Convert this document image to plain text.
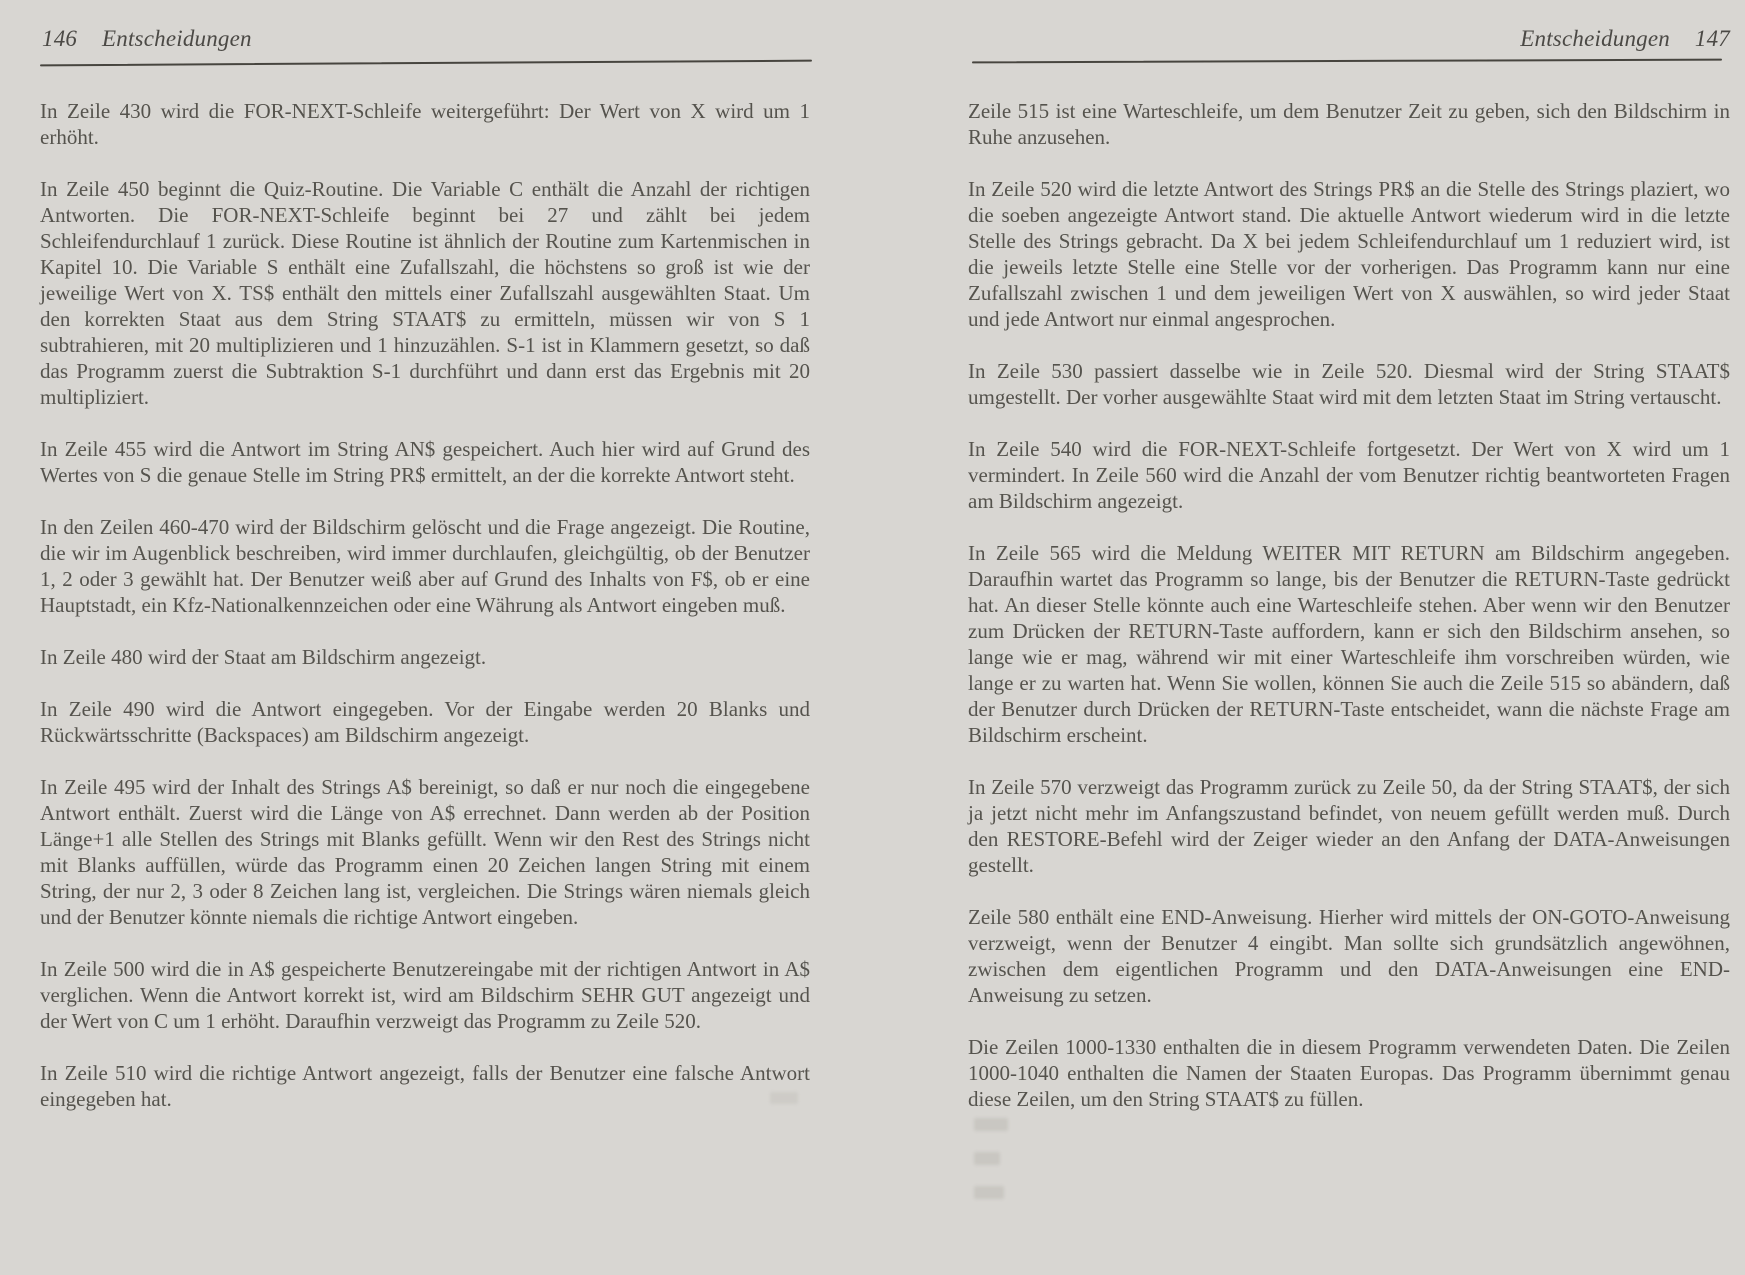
146 Entscheidungen	Entscheidungen 147

In Zeile 430 wird die FOR-NEXT-Schleife weitergeführt: Der Wert von X wird um 1 erhöht.

In Zeile 450 beginnt die Quiz-Routine. Die Variable C enthält die Anzahl der richtigen Antworten. Die FOR-NEXT-Schleife beginnt bei 27 und zählt bei jedem Schleifendurchlauf 1 zurück. Diese Routine ist ähnlich der Routine zum Kartenmischen in Kapitel 10. Die Variable S enthält eine Zufallszahl, die höchstens so groß ist wie der jeweilige Wert von X. TS$ enthält den mittels einer Zufallszahl ausgewählten Staat. Um den korrekten Staat aus dem String STAAT$ zu ermitteln, müssen wir von S 1 subtrahieren, mit 20 multiplizieren und 1 hinzuzählen. S-1 ist in Klammern gesetzt, so daß das Programm zuerst die Subtraktion S-1 durchführt und dann erst das Ergebnis mit 20 multipliziert.

In Zeile 455 wird die Antwort im String AN$ gespeichert. Auch hier wird auf Grund des Wertes von S die genaue Stelle im String PR$ ermittelt, an der die korrekte Antwort steht.

In den Zeilen 460-470 wird der Bildschirm gelöscht und die Frage angezeigt. Die Routine, die wir im Augenblick beschreiben, wird immer durchlaufen, gleichgültig, ob der Benutzer 1, 2 oder 3 gewählt hat. Der Benutzer weiß aber auf Grund des Inhalts von F$, ob er eine Hauptstadt, ein Kfz-Nationalkennzeichen oder eine Währung als Antwort eingeben muß.

In Zeile 480 wird der Staat am Bildschirm angezeigt.

In Zeile 490 wird die Antwort eingegeben. Vor der Eingabe werden 20 Blanks und Rückwärtsschritte (Backspaces) am Bildschirm angezeigt.

In Zeile 495 wird der Inhalt des Strings A$ bereinigt, so daß er nur noch die eingegebene Antwort enthält. Zuerst wird die Länge von A$ errechnet. Dann werden ab der Position Länge+1 alle Stellen des Strings mit Blanks gefüllt. Wenn wir den Rest des Strings nicht mit Blanks auffüllen, würde das Programm einen 20 Zeichen langen String mit einem String, der nur 2, 3 oder 8 Zeichen lang ist, vergleichen. Die Strings wären niemals gleich und der Benutzer könnte niemals die richtige Antwort eingeben.

In Zeile 500 wird die in A$ gespeicherte Benutzereingabe mit der richtigen Antwort in A$ verglichen. Wenn die Antwort korrekt ist, wird am Bildschirm SEHR GUT angezeigt und der Wert von C um 1 erhöht. Daraufhin verzweigt das Programm zu Zeile 520.

In Zeile 510 wird die richtige Antwort angezeigt, falls der Benutzer eine falsche Antwort eingegeben hat.

Zeile 515 ist eine Warteschleife, um dem Benutzer Zeit zu geben, sich den Bildschirm in Ruhe anzusehen.

In Zeile 520 wird die letzte Antwort des Strings PR$ an die Stelle des Strings plaziert, wo die soeben angezeigte Antwort stand. Die aktuelle Antwort wiederum wird in die letzte Stelle des Strings gebracht. Da X bei jedem Schleifendurchlauf um 1 reduziert wird, ist die jeweils letzte Stelle eine Stelle vor der vorherigen. Das Programm kann nur eine Zufallszahl zwischen 1 und dem jeweiligen Wert von X auswählen, so wird jeder Staat und jede Antwort nur einmal angesprochen.

In Zeile 530 passiert dasselbe wie in Zeile 520. Diesmal wird der String STAAT$ umgestellt. Der vorher ausgewählte Staat wird mit dem letzten Staat im String vertauscht.

In Zeile 540 wird die FOR-NEXT-Schleife fortgesetzt. Der Wert von X wird um 1 vermindert. In Zeile 560 wird die Anzahl der vom Benutzer richtig beantworteten Fragen am Bildschirm angezeigt.

In Zeile 565 wird die Meldung WEITER MIT RETURN am Bildschirm angegeben. Daraufhin wartet das Programm so lange, bis der Benutzer die RETURN-Taste gedrückt hat. An dieser Stelle könnte auch eine Warteschleife stehen. Aber wenn wir den Benutzer zum Drücken der RETURN-Taste auffordern, kann er sich den Bildschirm ansehen, so lange wie er mag, während wir mit einer Warteschleife ihm vorschreiben würden, wie lange er zu warten hat. Wenn Sie wollen, können Sie auch die Zeile 515 so abändern, daß der Benutzer durch Drücken der RETURN-Taste entscheidet, wann die nächste Frage am Bildschirm erscheint.

In Zeile 570 verzweigt das Programm zurück zu Zeile 50, da der String STAAT$, der sich ja jetzt nicht mehr im Anfangszustand befindet, von neuem gefüllt werden muß. Durch den RESTORE-Befehl wird der Zeiger wieder an den Anfang der DATA-Anweisungen gestellt.

Zeile 580 enthält eine END-Anweisung. Hierher wird mittels der ON-GOTO-Anweisung verzweigt, wenn der Benutzer 4 eingibt. Man sollte sich grundsätzlich angewöhnen, zwischen dem eigentlichen Programm und den DATA-Anweisungen eine END-Anweisung zu setzen.

Die Zeilen 1000-1330 enthalten die in diesem Programm verwendeten Daten. Die Zeilen 1000-1040 enthalten die Namen der Staaten Europas. Das Programm übernimmt genau diese Zeilen, um den String STAAT$ zu füllen.
